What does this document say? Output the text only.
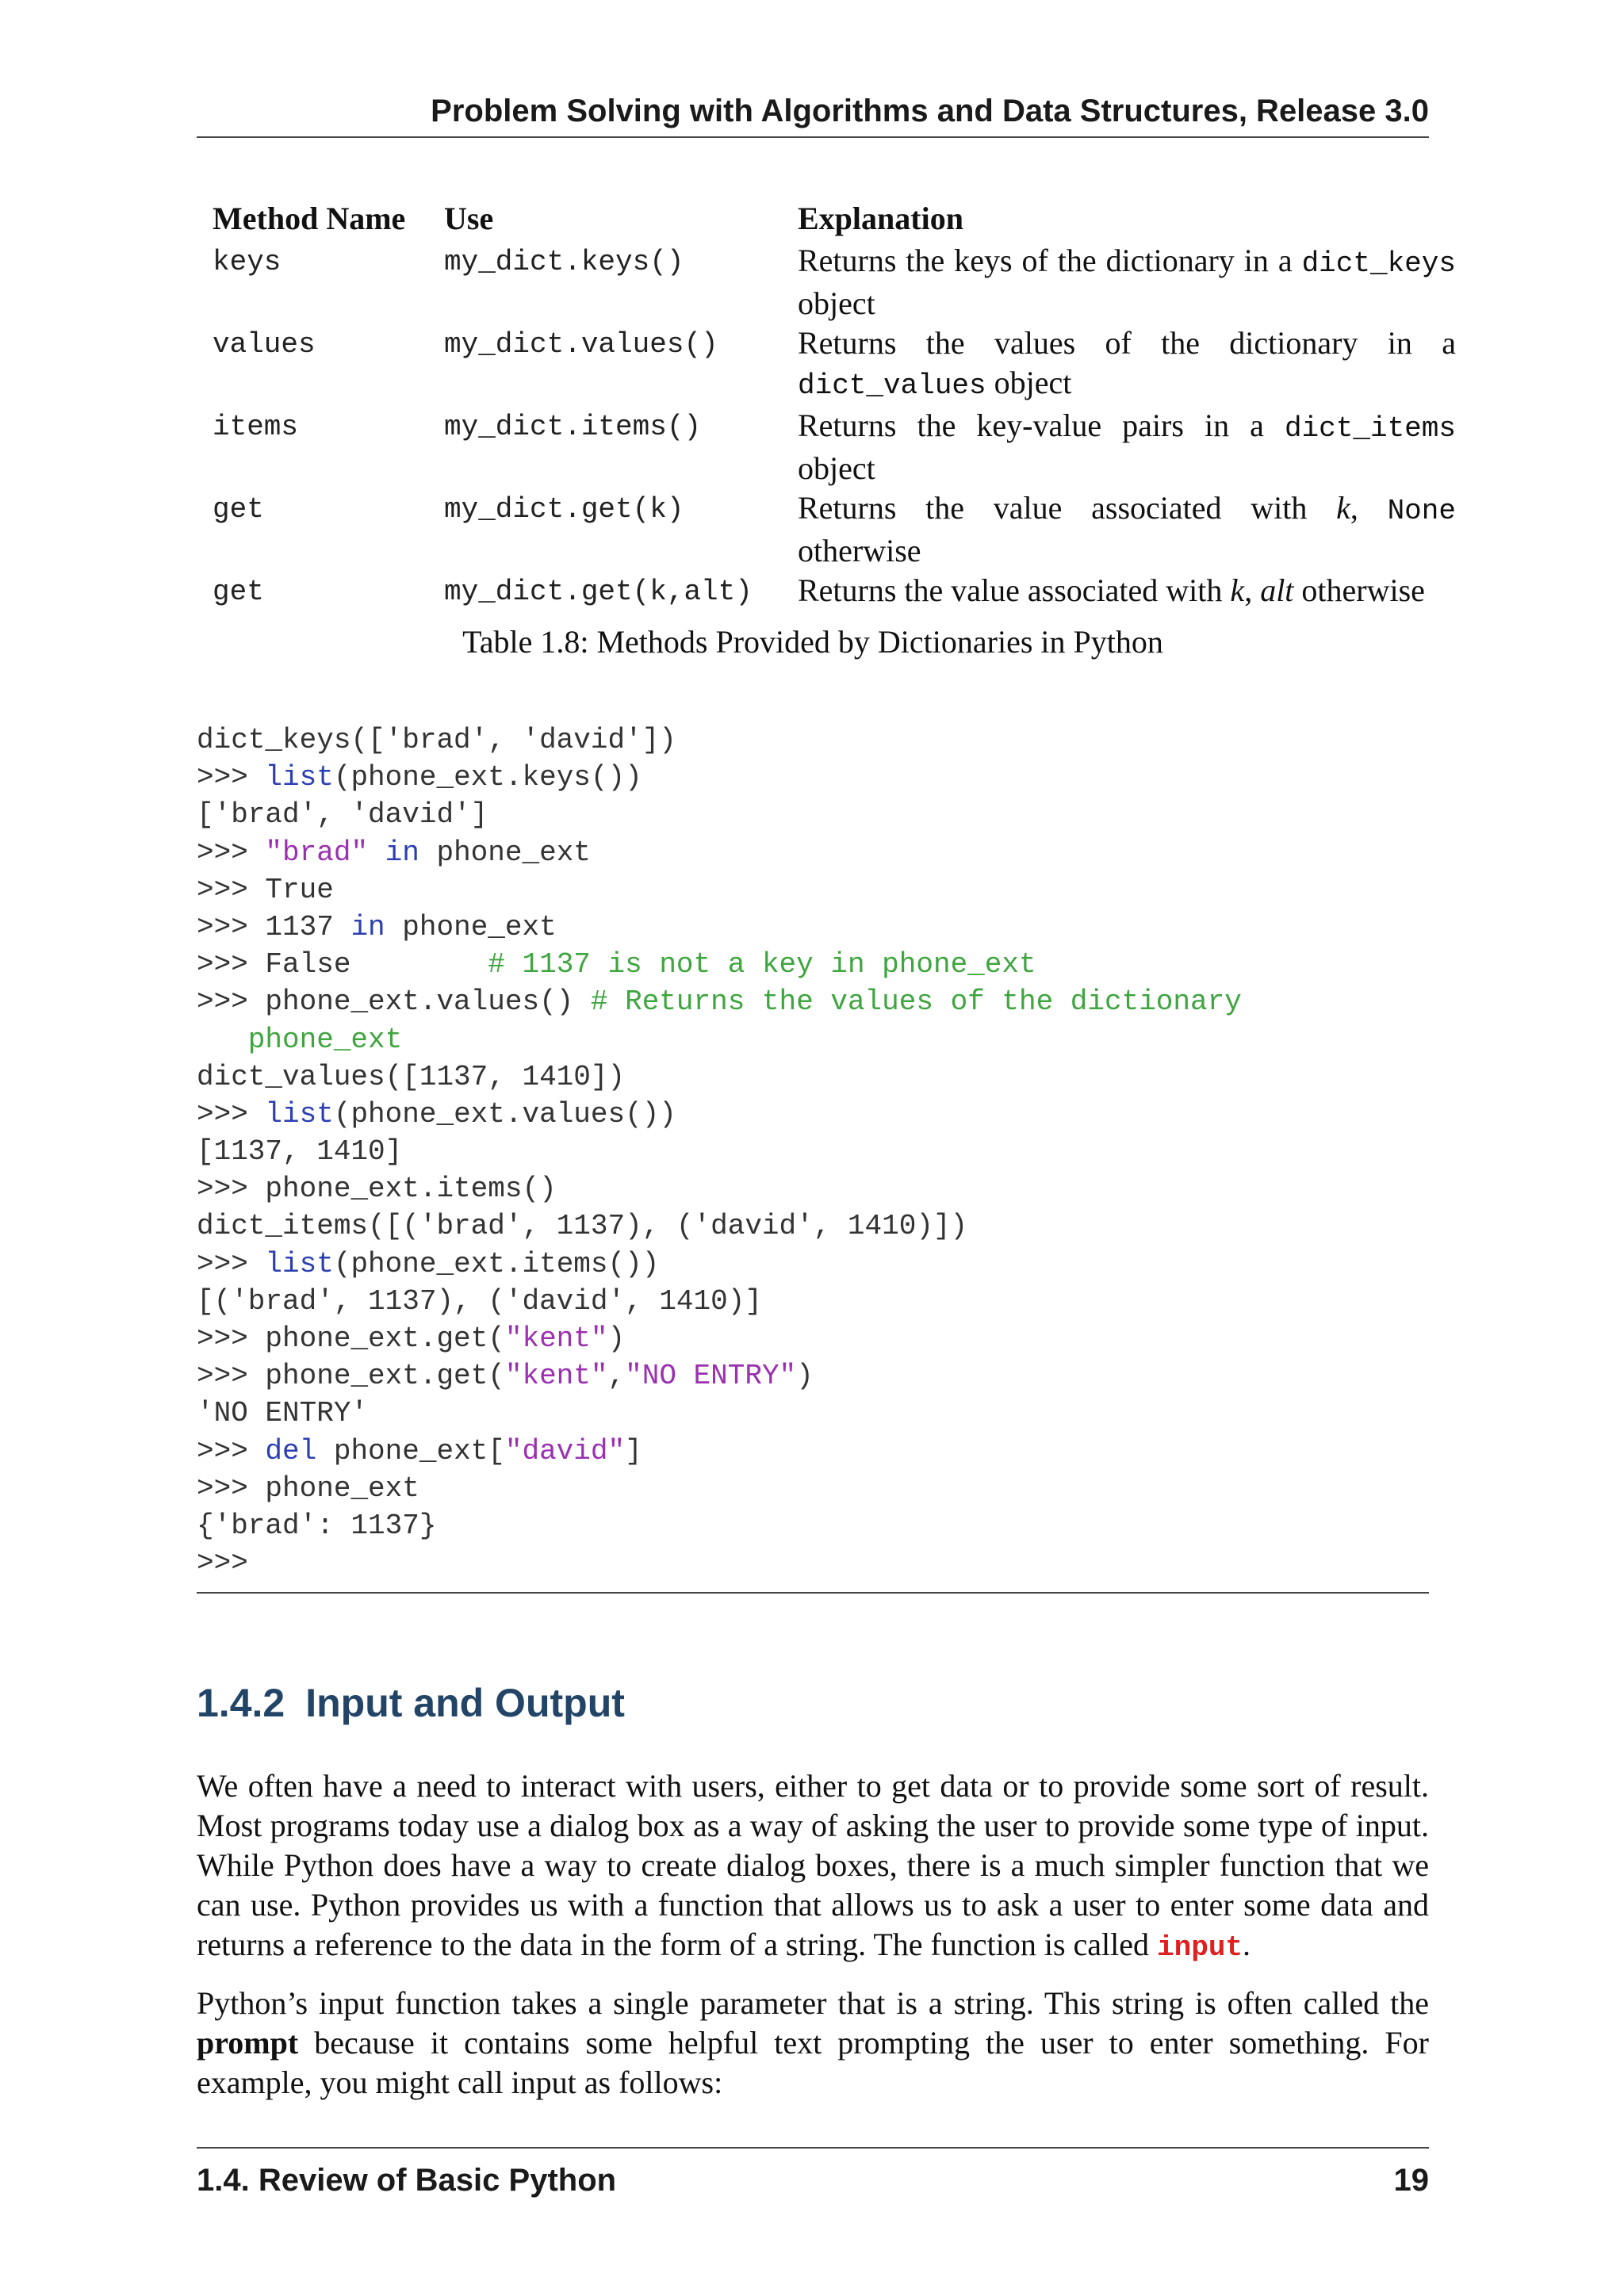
Problem Solving with Algorithms and Data Structures, Release 3.0
Method Name	Use	Explanation
keys	my_dict.keys()	Returns the keys of the dictionary in a dict_keys object
values	my_dict.values()	Returns the values of the dictionary in a dict_values object
items	my_dict.items()	Returns the key-value pairs in a dict_items object
get	my_dict.get(k)	Returns the value associated with k, None otherwise
get	my_dict.get(k,alt)	Returns the value associated with k, alt otherwise
Table 1.8: Methods Provided by Dictionaries in Python
dict_keys(['brad', 'david'])
>>> list(phone_ext.keys())
['brad', 'david']
>>> "brad" in phone_ext
>>> True
>>> 1137 in phone_ext
>>> False        # 1137 is not a key in phone_ext
>>> phone_ext.values() # Returns the values of the dictionary
phone_ext
dict_values([1137, 1410])
>>> list(phone_ext.values())
[1137, 1410]
>>> phone_ext.items()
dict_items([('brad', 1137), ('david', 1410)])
>>> list(phone_ext.items())
[('brad', 1137), ('david', 1410)]
>>> phone_ext.get("kent")
>>> phone_ext.get("kent","NO ENTRY")
'NO ENTRY'
>>> del phone_ext["david"]
>>> phone_ext
{'brad': 1137}
>>>
1.4.2 Input and Output

We often have a need to interact with users, either to get data or to provide some sort of result. Most programs today use a dialog box as a way of asking the user to provide some type of input. While Python does have a way to create dialog boxes, there is a much simpler function that we can use. Python provides us with a function that allows us to ask a user to enter some data and returns a reference to the data in the form of a string. The function is called input.

Python’s input function takes a single parameter that is a string. This string is often called the prompt because it contains some helpful text prompting the user to enter something. For example, you might call input as follows:

1.4. Review of Basic Python	19
